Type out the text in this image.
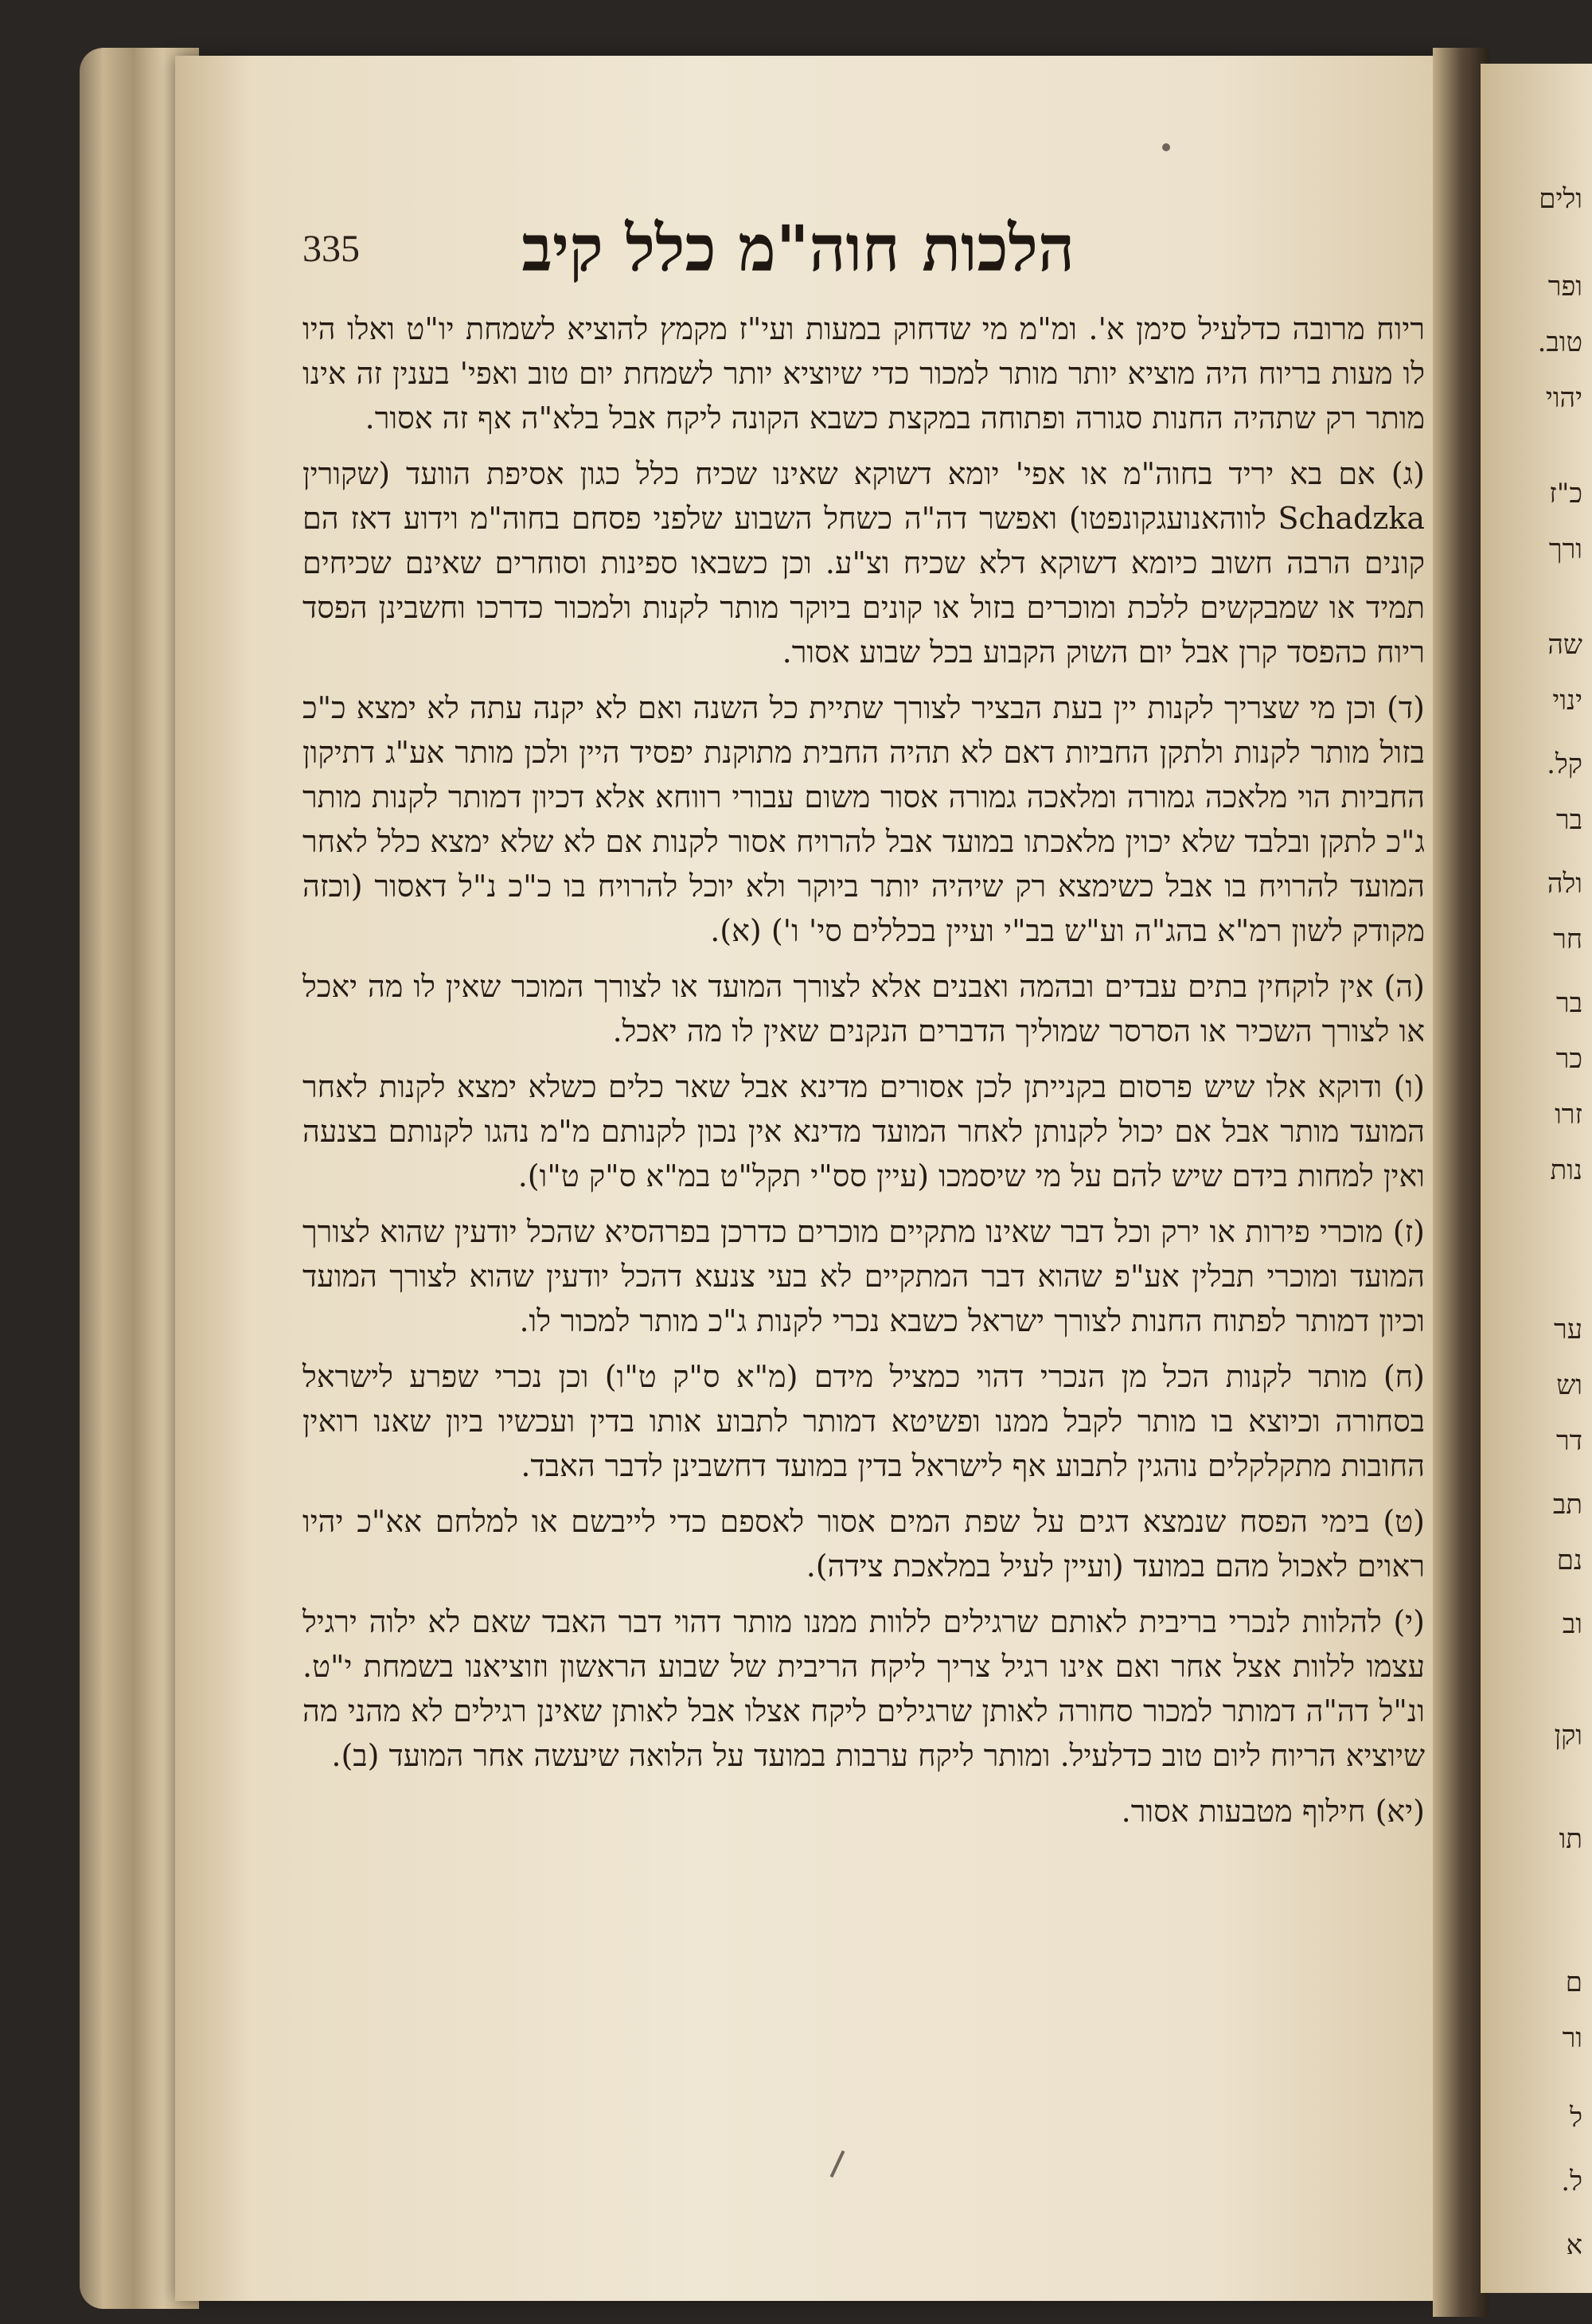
ולים
ופר
טוב.
יהוי
כ"ז
ורך
שה
ינוי
קל.
בר
ולה
חר
בר
כר
זרו
נות
ער
וש
דר
תב
נם
וב
וקן
תו
ם
ור
ל
ל.
א
335	הלכות חוה"מ כלל קיב

ריוח מרובה כדלעיל סימן א'. ומ"מ מי שדחוק במעות ועי"ז מקמץ להוציא לשמחת יו"ט ואלו היו לו מעות בריוח היה מוציא יותר מותר למכור כדי שיוציא יותר לשמחת יום טוב ואפי' בענין זה אינו מותר רק שתהיה החנות סגורה ופתוחה במקצת כשבא הקונה ליקח אבל בלא"ה אף זה אסור.

(ג) אם בא יריד בחוה"מ או אפי' יומא דשוקא שאינו שכיח כלל כגון אסיפת הוועד (שקורין Schadzka לווהאנועגקונפטו) ואפשר דה"ה כשחל השבוע שלפני פסחם בחוה"מ וידוע דאז הם קונים הרבה חשוב כיומא דשוקא דלא שכיח וצ"ע. וכן כשבאו ספינות וסוחרים שאינם שכיחים תמיד או שמבקשים ללכת ומוכרים בזול או קונים ביוקר מותר לקנות ולמכור כדרכו וחשבינן הפסד ריוח כהפסד קרן אבל יום השוק הקבוע בכל שבוע אסור.

(ד) וכן מי שצריך לקנות יין בעת הבציר לצורך שתיית כל השנה ואם לא יקנה עתה לא ימצא כ"כ בזול מותר לקנות ולתקן החביות דאם לא תהיה החבית מתוקנת יפסיד היין ולכן מותר אע"ג דתיקון החביות הוי מלאכה גמורה ומלאכה גמורה אסור משום עבורי רווחא אלא דכיון דמותר לקנות מותר ג"כ לתקן ובלבד שלא יכוין מלאכתו במועד אבל להרויח אסור לקנות אם לא שלא ימצא כלל לאחר המועד להרויח בו אבל כשימצא רק שיהיה יותר ביוקר ולא יוכל להרויח בו כ"כ נ"ל דאסור (וכזה מקודק לשון רמ"א בהג"ה וע"ש בב"י ועיין בכללים סי' ו') (א).

(ה) אין לוקחין בתים עבדים ובהמה ואבנים אלא לצורך המועד או לצורך המוכר שאין לו מה יאכל או לצורך השכיר או הסרסר שמוליך הדברים הנקנים שאין לו מה יאכל.

(ו) ודוקא אלו שיש פרסום בקנייתן לכן אסורים מדינא אבל שאר כלים כשלא ימצא לקנות לאחר המועד מותר אבל אם יכול לקנותן לאחר המועד מדינא אין נכון לקנותם מ"מ נהגו לקנותם בצנעה ואין למחות בידם שיש להם על מי שיסמכו (עיין סס"י תקל"ט במ"א ס"ק ט"ו).

(ז) מוכרי פירות או ירק וכל דבר שאינו מתקיים מוכרים כדרכן בפרהסיא שהכל יודעין שהוא לצורך המועד ומוכרי תבלין אע"פ שהוא דבר המתקיים לא בעי צנעא דהכל יודעין שהוא לצורך המועד וכיון דמותר לפתוח החנות לצורך ישראל כשבא נכרי לקנות ג"כ מותר למכור לו.

(ח) מותר לקנות הכל מן הנכרי דהוי כמציל מידם (מ"א ס"ק ט"ו) וכן נכרי שפרע לישראל בסחורה וכיוצא בו מותר לקבל ממנו ופשיטא דמותר לתבוע אותו בדין ועכשיו ביון שאנו רואין החובות מתקלקלים נוהגין לתבוע אף לישראל בדין במועד דחשבינן לדבר האבד.

(ט) בימי הפסח שנמצא דגים על שפת המים אסור לאספם כדי לייבשם או למלחם אא"כ יהיו ראוים לאכול מהם במועד (ועיין לעיל במלאכת צידה).

(י) להלוות לנכרי בריבית לאותם שרגילים ללוות ממנו מותר דהוי דבר האבד שאם לא ילוה ירגיל עצמו ללוות אצל אחר ואם אינו רגיל צריך ליקח הריבית של שבוע הראשון וזוציאנו בשמחת י"ט. ונ"ל דה"ה דמותר למכור סחורה לאותן שרגילים ליקח אצלו אבל לאותן שאינן רגילים לא מהני מה שיוציא הריוח ליום טוב כדלעיל. ומותר ליקח ערבות במועד על הלואה שיעשה אחר המועד (ב).

(יא) חילוף מטבעות אסור.
